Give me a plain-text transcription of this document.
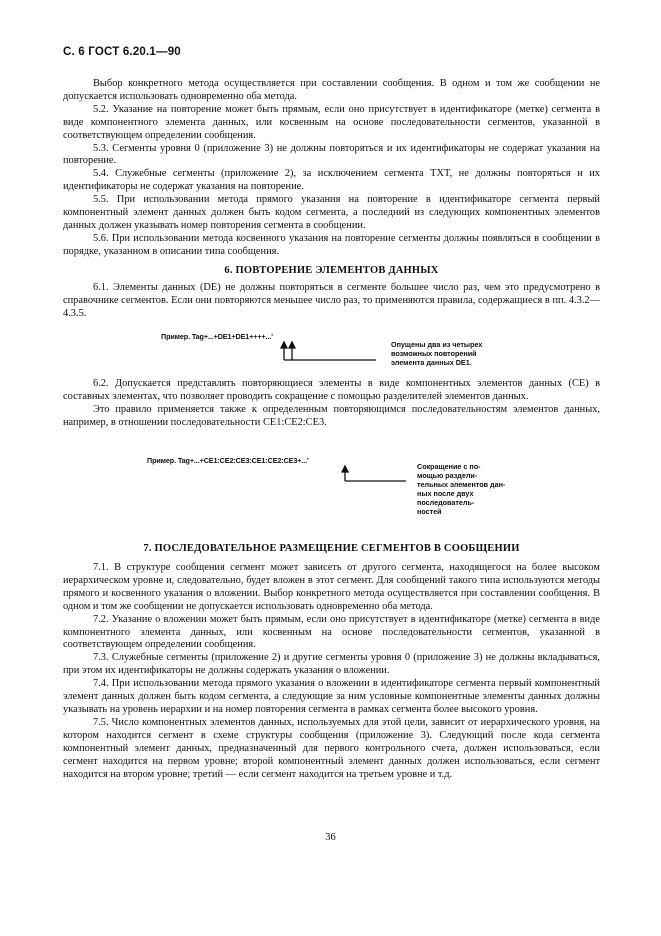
С. 6 ГОСТ 6.20.1—90

Выбор конкретного метода осуществляется при составлении сообщения. В одном и том же сообщении не допускается использовать одновременно оба метода.

5.2. Указание на повторение может быть прямым, если оно присутствует в идентификаторе (метке) сегмента в виде компонентного элемента данных, или косвенным на основе последовательности сегментов, указанной в соответствующем определении сообщения.

5.3. Сегменты уровня 0 (приложение 3) не должны повторяться и их идентификаторы не содержат указания на повторение.

5.4. Служебные сегменты (приложение 2), за исключением сегмента TXT, не должны повторяться и их идентификаторы не содержат указания на повторение.

5.5. При использовании метода прямого указания на повторение в идентификаторе сегмента первый компонентный элемент данных должен быть кодом сегмента, а последний из следующих компонентных элементов данных должен указывать номер повторения сегмента в сообщении.

5.6. При использовании метода косвенного указания на повторение сегменты должны появляться в сообщении в порядке, указанном в описании типа сообщения.

6. ПОВТОРЕНИЕ ЭЛЕМЕНТОВ ДАННЫХ

6.1. Элементы данных (DE) не должны повторяться в сегменте большее число раз, чем это предусмотрено в справочнике сегментов. Если они повторяются меньшее число раз, то применяются правила, содержащиеся в пп. 4.3.2—4.3.5.

Пример. Tag+...+DE1+DE1++++...'
Опущены два из четырех
возможных повторений
элемента данных DE1.

6.2. Допускается представлять повторяющиеся элементы в виде компонентных элементов данных (CE) в составных элементах, что позволяет проводить сокращение с помощью разделителей элементов данных.

Это правило применяется также к определенным повторяющимся последовательностям элементов данных, например, в отношении последовательности CE1:CE2:CE3.

Пример. Tag+...+CE1:CE2:CE3:CE1:CE2:CE3+...'
Сокращение с по-
мощью раздели-
тельных элементов дан-
ных после двух
последователь-
ностей
7. ПОСЛЕДОВАТЕЛЬНОЕ РАЗМЕЩЕНИЕ СЕГМЕНТОВ В СООБЩЕНИИ

7.1. В структуре сообщения сегмент может зависеть от другого сегмента, находящегося на более высоком иерархическом уровне и, следовательно, будет вложен в этот сегмент. Для сообщений такого типа используются методы прямого и косвенного указания о вложении. Выбор конкретного метода осуществляется при составлении сообщения. В одном и том же сообщении не допускается использовать одновременно оба метода.

7.2. Указание о вложении может быть прямым, если оно присутствует в идентификаторе (метке) сегмента в виде компонентного элемента данных, или косвенным на основе последовательности сегментов, указанной в соответствующем определении сообщения.

7.3. Служебные сегменты (приложение 2) и другие сегменты уровня 0 (приложение 3) не должны вкладываться, при этом их идентификаторы не должны содержать указания о вложении.

7.4. При использовании метода прямого указания о вложении в идентификаторе сегмента первый компонентный элемент данных должен быть кодом сегмента, а следующие за ним условные компонентные элементы данных должны указывать на уровень иерархии и на номер повторения сегмента в рамках сегмента более высокого уровня.

7.5. Число компонентных элементов данных, используемых для этой цели, зависит от иерархического уровня, на котором находится сегмент в схеме структуры сообщения (приложение 3). Следующий после кода сегмента компонентный элемент данных, предназначенный для первого контрольного счета, должен использоваться, если сегмент находится на первом уровне; второй компонентный элемент данных должен использоваться, если сегмент находится на втором уровне; третий — если сегмент находится на третьем уровне и т.д.

36
